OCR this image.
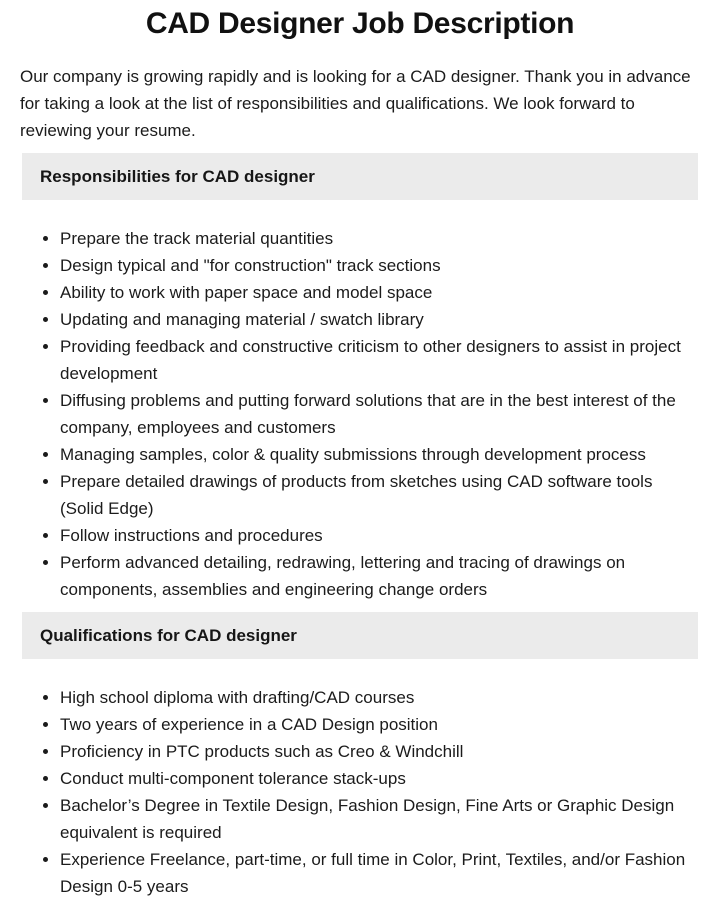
CAD Designer Job Description

Our company is growing rapidly and is looking for a CAD designer. Thank you in advance for taking a look at the list of responsibilities and qualifications. We look forward to reviewing your resume.

Responsibilities for CAD designer
• Prepare the track material quantities
• Design typical and "for construction" track sections
• Ability to work with paper space and model space
• Updating and managing material / swatch library
• Providing feedback and constructive criticism to other designers to assist in project development
• Diffusing problems and putting forward solutions that are in the best interest of the company, employees and customers
• Managing samples, color & quality submissions through development process
• Prepare detailed drawings of products from sketches using CAD software tools (Solid Edge)
• Follow instructions and procedures
• Perform advanced detailing, redrawing, lettering and tracing of drawings on components, assemblies and engineering change orders
Qualifications for CAD designer
• High school diploma with drafting/CAD courses
• Two years of experience in a CAD Design position
• Proficiency in PTC products such as Creo & Windchill
• Conduct multi-component tolerance stack-ups
• Bachelor’s Degree in Textile Design, Fashion Design, Fine Arts or Graphic Design equivalent is required
• Experience Freelance, part-time, or full time in Color, Print, Textiles, and/or Fashion Design 0-5 years
